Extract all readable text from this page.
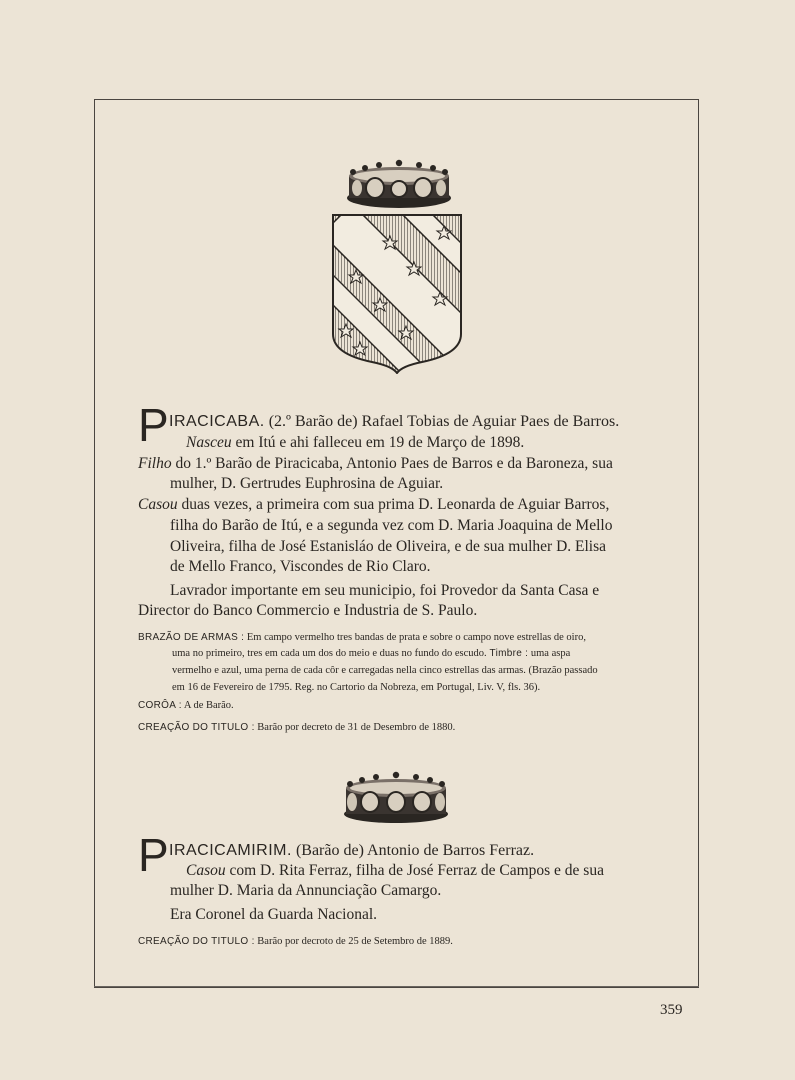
P IRACICABA. (2.º Barão de) Rafael Tobias de Aguiar Paes de Barros.
Nasceu em Itú e ahi falleceu em 19 de Março de 1898.
Filho do 1.º Barão de Piracicaba, Antonio Paes de Barros e da Baroneza, sua
mulher, D. Gertrudes Euphrosina de Aguiar.
Casou duas vezes, a primeira com sua prima D. Leonarda de Aguiar Barros,
filha do Barão de Itú, e a segunda vez com D. Maria Joaquina de Mello
Oliveira, filha de José Estanisláo de Oliveira, e de sua mulher D. Elisa
de Mello Franco, Viscondes de Rio Claro.
Lavrador importante em seu municipio, foi Provedor da Santa Casa e
Director do Banco Commercio e Industria de S. Paulo.
BRAZÃO DE ARMAS : Em campo vermelho tres bandas de prata e sobre o campo nove estrellas de oiro,
uma no primeiro, tres em cada um dos do meio e duas no fundo do escudo. Timbre : uma aspa
vermelho e azul, uma perna de cada côr e carregadas nella cinco estrellas das armas. (Brazão passado
em 16 de Fevereiro de 1795. Reg. no Cartorio da Nobreza, em Portugal, Liv. V, fls. 36).
CORÔA : A de Barão.
CREAÇÃO DO TITULO : Barão por decreto de 31 de Desembro de 1880.
P IRACICAMIRIM. (Barão de) Antonio de Barros Ferraz.
Casou com D. Rita Ferraz, filha de José Ferraz de Campos e de sua
mulher D. Maria da Annunciação Camargo.
Era Coronel da Guarda Nacional.
CREAÇÃO DO TITULO : Barão por decroto de 25 de Setembro de 1889.
359
